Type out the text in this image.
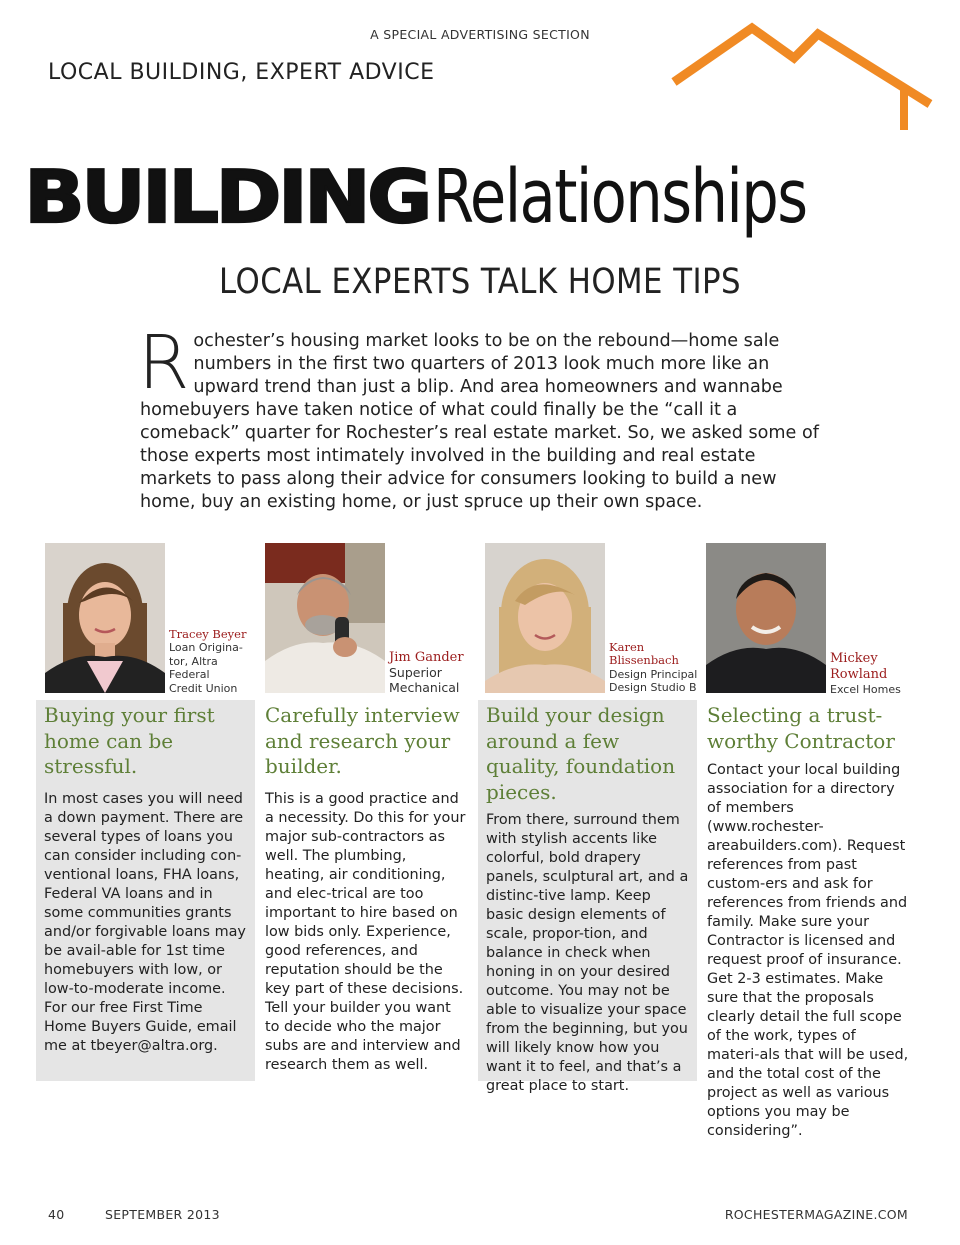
A SPECIAL ADVERTISING SECTION
LOCAL BUILDING, EXPERT ADVICE
BUILDINGRelationships
LOCAL EXPERTS TALK HOME TIPS
Rochester’s housing market looks to be on the rebound—home sale numbers in the first two quarters of 2013 look much more like an upward trend than just a blip. And area homeowners and wannabe homebuyers have taken notice of what could finally be the “call it a comeback” quarter for Rochester’s real estate market. So, we asked some of those experts most intimately involved in the building and real estate markets to pass along their advice for consumers looking to build a new home, buy an existing home, or just spruce up their own space.
Tracey Beyer
Loan Origina-
tor, Altra
Federal
Credit Union
Jim Gander
Superior
Mechanical
Karen
Blissenbach
Design Principal
Design Studio B
Mickey
Rowland
Excel Homes
Buying your first home can be stressful.

In most cases you will need a down payment. There are several types of loans you can consider including con-ventional loans, FHA loans, Federal VA loans and in some communities grants and/or forgivable loans may be avail-able for 1st time homebuyers with low, or low-to-moderate income. For our free First Time Home Buyers Guide, email me at tbeyer@altra.org.

Carefully interview and research your builder.

This is a good practice and a necessity. Do this for your major sub-contractors as well. The plumbing, heating, air conditioning, and elec-trical are too important to hire based on low bids only. Experience, good references, and reputation should be the key part of these decisions. Tell your builder you want to decide who the major subs are and interview and research them as well.

Build your design around a few quality, foundation pieces.

From there, surround them with stylish accents like colorful, bold drapery panels, sculptural art, and a distinc-tive lamp. Keep basic design elements of scale, propor-tion, and balance in check when honing in on your desired outcome. You may not be able to visualize your space from the beginning, but you will likely know how you want it to feel, and that’s a great place to start.

Selecting a trust-worthy Contractor

Contact your local building association for a directory of members (www.rochester-areabuilders.com). Request references from past custom-ers and ask for references from friends and family. Make sure your Contractor is licensed and request proof of insurance. Get 2-3 estimates. Make sure that the proposals clearly detail the full scope of the work, types of materi-als that will be used, and the total cost of the project as well as various options you may be considering”.

40	SEPTEMBER 2013	ROCHESTERMAGAZINE.COM
